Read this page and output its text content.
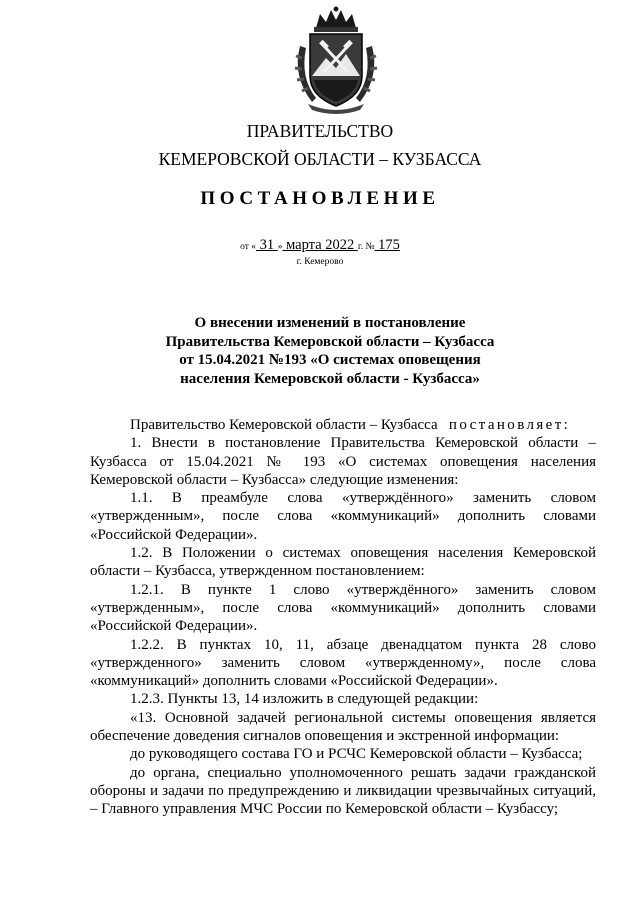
ПРАВИТЕЛЬСТВО
КЕМЕРОВСКОЙ ОБЛАСТИ – КУЗБАССА
ПОСТАНОВЛЕНИЕ
от « 31 » марта 2022 г. № 175
г. Кемерово
О внесении изменений в постановление
Правительства Кемеровской области – Кузбасса
от 15.04.2021 №193 «О системах оповещения
населения Кемеровской области - Кузбасса»

Правительство Кемеровской области – Кузбасса постановляет:

1. Внести в постановление Правительства Кемеровской области – Кузбасса от 15.04.2021 № 193 «О системах оповещения населения Кемеровской области – Кузбасса» следующие изменения:

1.1. В преамбуле слова «утверждённого» заменить словом «утвержденным», после слова «коммуникаций» дополнить словами «Российской Федерации».

1.2. В Положении о системах оповещения населения Кемеровской области – Кузбасса, утвержденном постановлением:

1.2.1. В пункте 1 слово «утверждённого» заменить словом «утвержденным», после слова «коммуникаций» дополнить словами «Российской Федерации».

1.2.2. В пунктах 10, 11, абзаце двенадцатом пункта 28 слово «утвержденного» заменить словом «утвержденному», после слова «коммуникаций» дополнить словами «Российской Федерации».

1.2.3. Пункты 13, 14 изложить в следующей редакции:

«13. Основной задачей региональной системы оповещения является обеспечение доведения сигналов оповещения и экстренной информации:

до руководящего состава ГО и РСЧС Кемеровской области – Кузбасса;

до органа, специально уполномоченного решать задачи гражданской обороны и задачи по предупреждению и ликвидации чрезвычайных ситуаций, – Главного управления МЧС России по Кемеровской области – Кузбассу;
